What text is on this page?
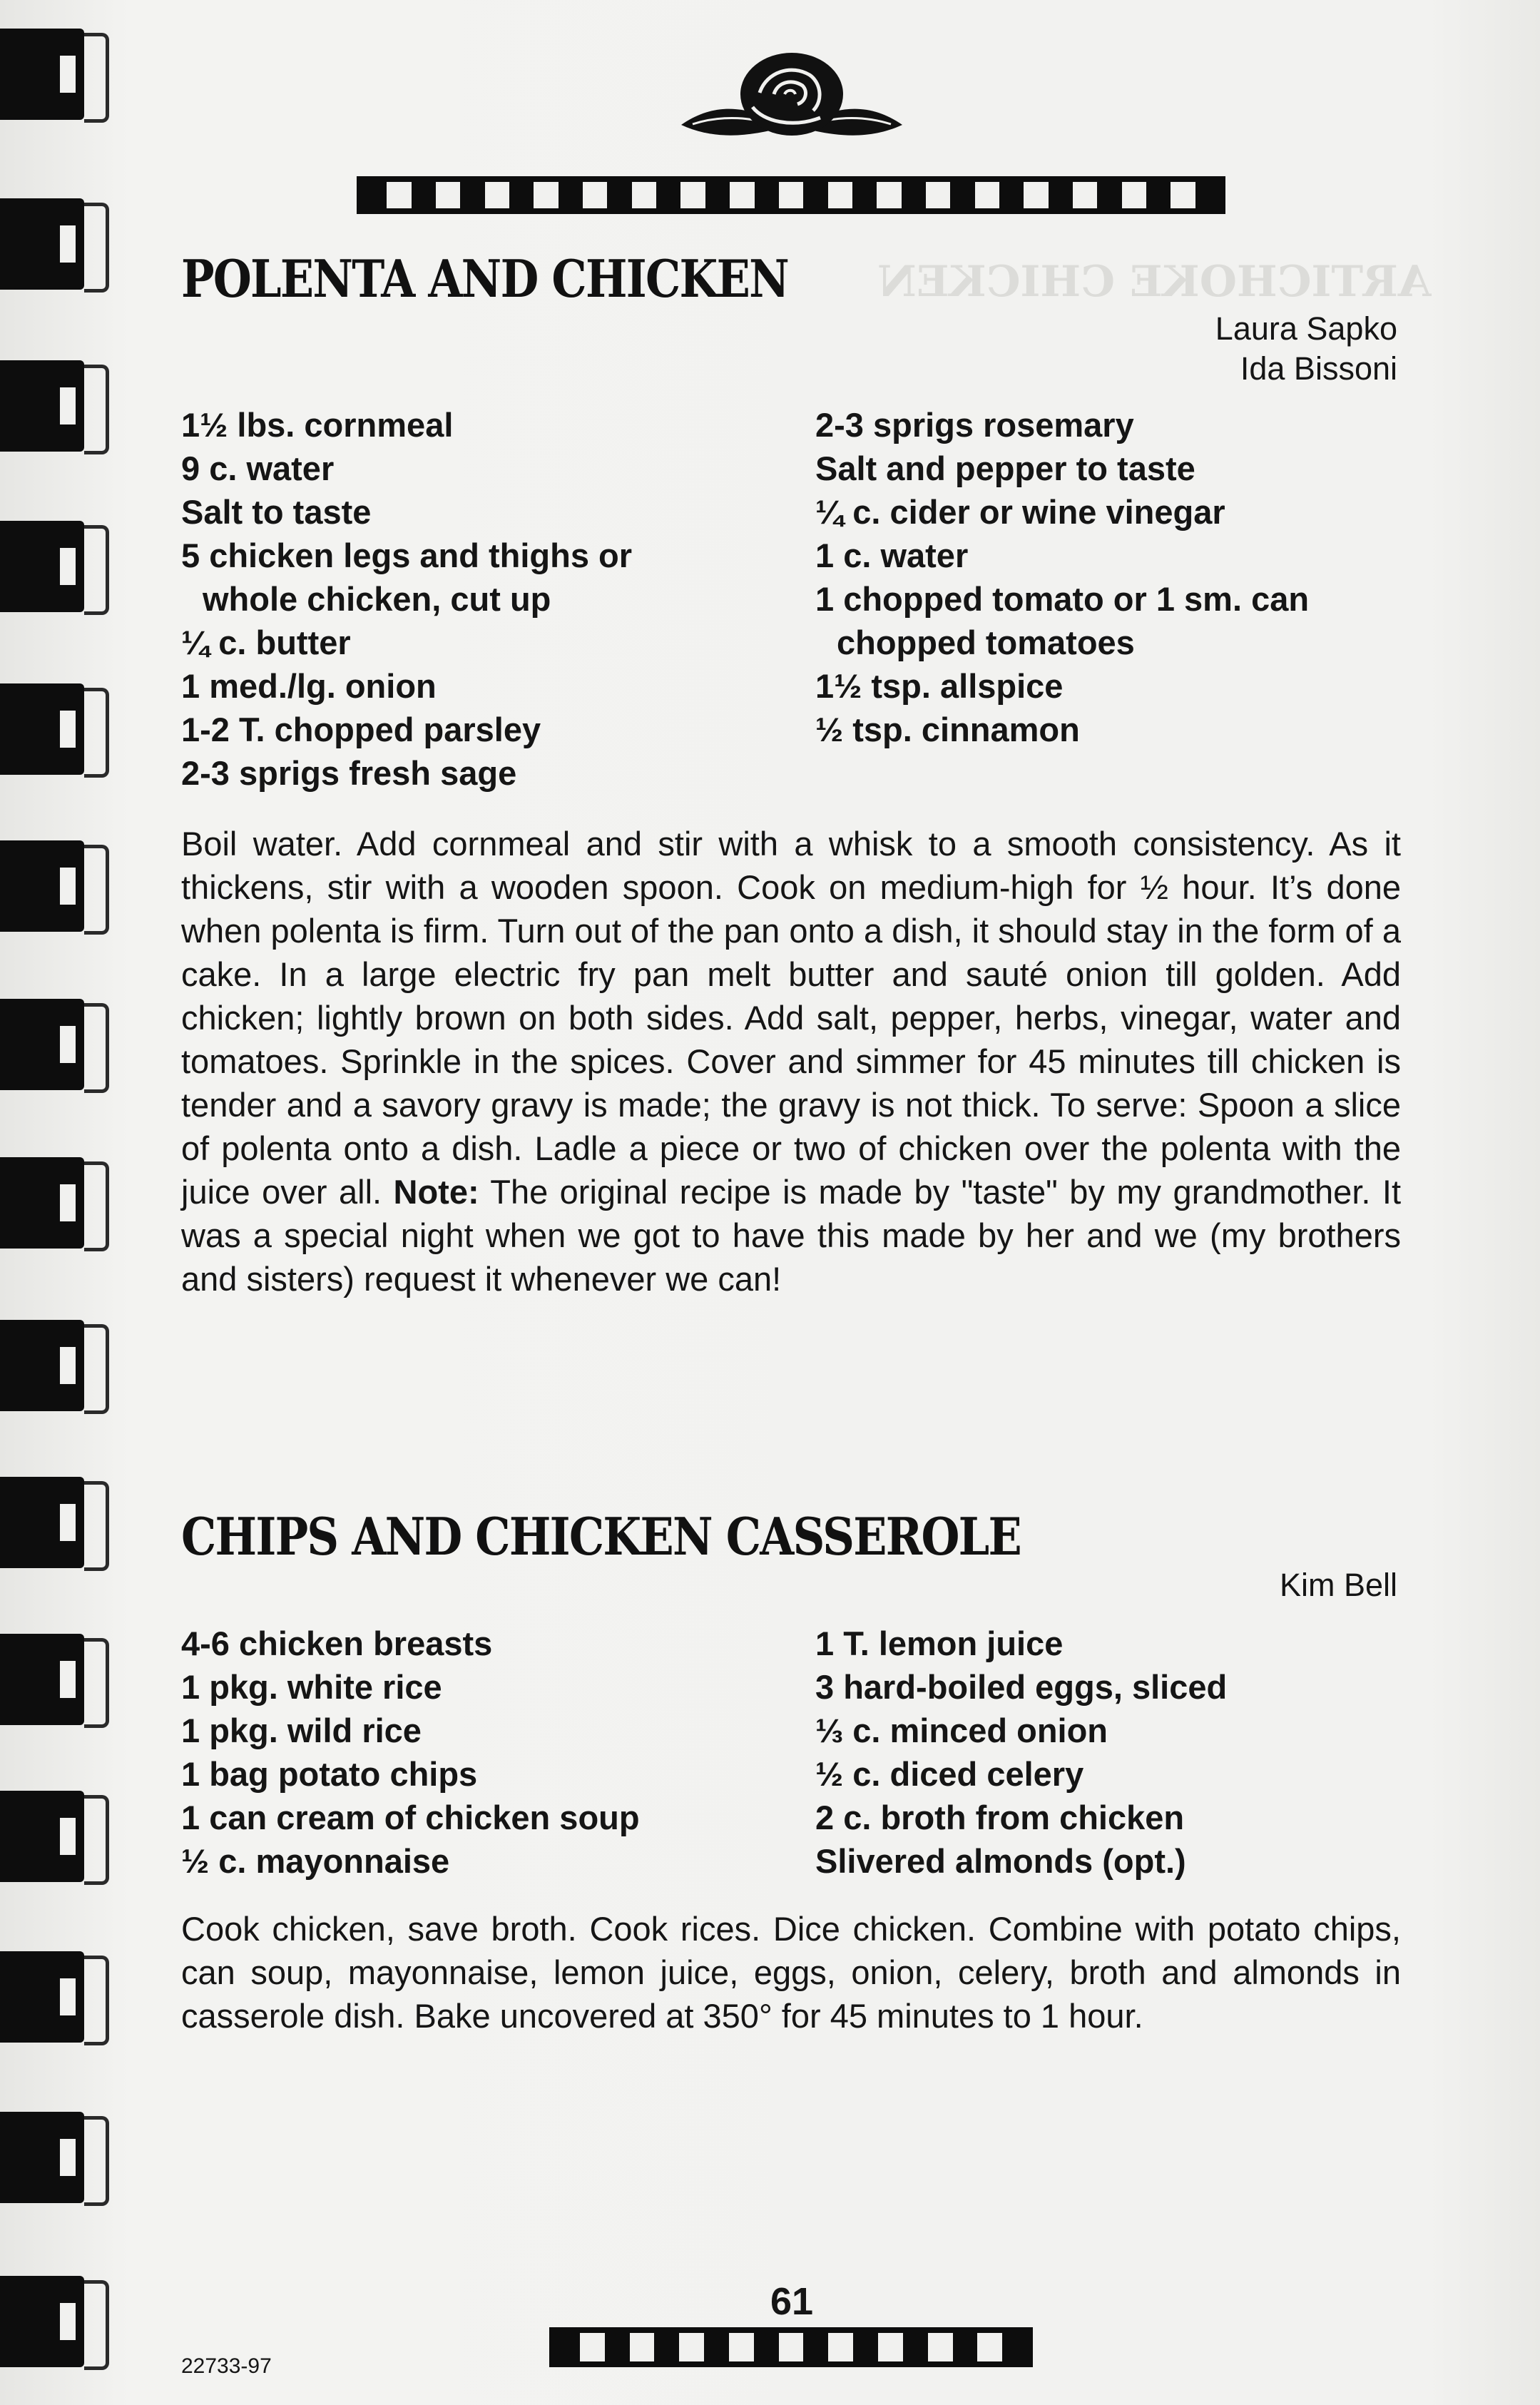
ARTICHOKE CHICKEN
POLENTA AND CHICKEN
Laura Sapko
Ida Bissoni
1½ lbs. cornmeal
9 c. water
Salt to taste
5 chicken legs and thighs or
whole chicken, cut up
¼ c. butter
1 med./lg. onion
1-2 T. chopped parsley
2-3 sprigs fresh sage
2-3 sprigs rosemary
Salt and pepper to taste
¼ c. cider or wine vinegar
1 c. water
1 chopped tomato or 1 sm. can
chopped tomatoes
1½ tsp. allspice
½ tsp. cinnamon

Boil water. Add cornmeal and stir with a whisk to a smooth consistency. As it thickens, stir with a wooden spoon. Cook on medium-high for ½ hour. It’s done when polenta is firm. Turn out of the pan onto a dish, it should stay in the form of a cake. In a large electric fry pan melt butter and sauté onion till golden. Add chicken; lightly brown on both sides. Add salt, pepper, herbs, vinegar, water and tomatoes. Sprinkle in the spices. Cover and simmer for 45 minutes till chicken is tender and a savory gravy is made; the gravy is not thick. To serve: Spoon a slice of polenta onto a dish. Ladle a piece or two of chicken over the polenta with the juice over all. Note: The original recipe is made by "taste" by my grandmother. It was a special night when we got to have this made by her and we (my brothers and sisters) request it whenever we can!

CHIPS AND CHICKEN CASSEROLE
Kim Bell
4-6 chicken breasts
1 pkg. white rice
1 pkg. wild rice
1 bag potato chips
1 can cream of chicken soup
½ c. mayonnaise
1 T. lemon juice
3 hard-boiled eggs, sliced
⅓ c. minced onion
½ c. diced celery
2 c. broth from chicken
Slivered almonds (opt.)

Cook chicken, save broth. Cook rices. Dice chicken. Combine with potato chips, can soup, mayonnaise, lemon juice, eggs, onion, celery, broth and almonds in casserole dish. Bake uncovered at 350° for 45 minutes to 1 hour.

61
22733-97
